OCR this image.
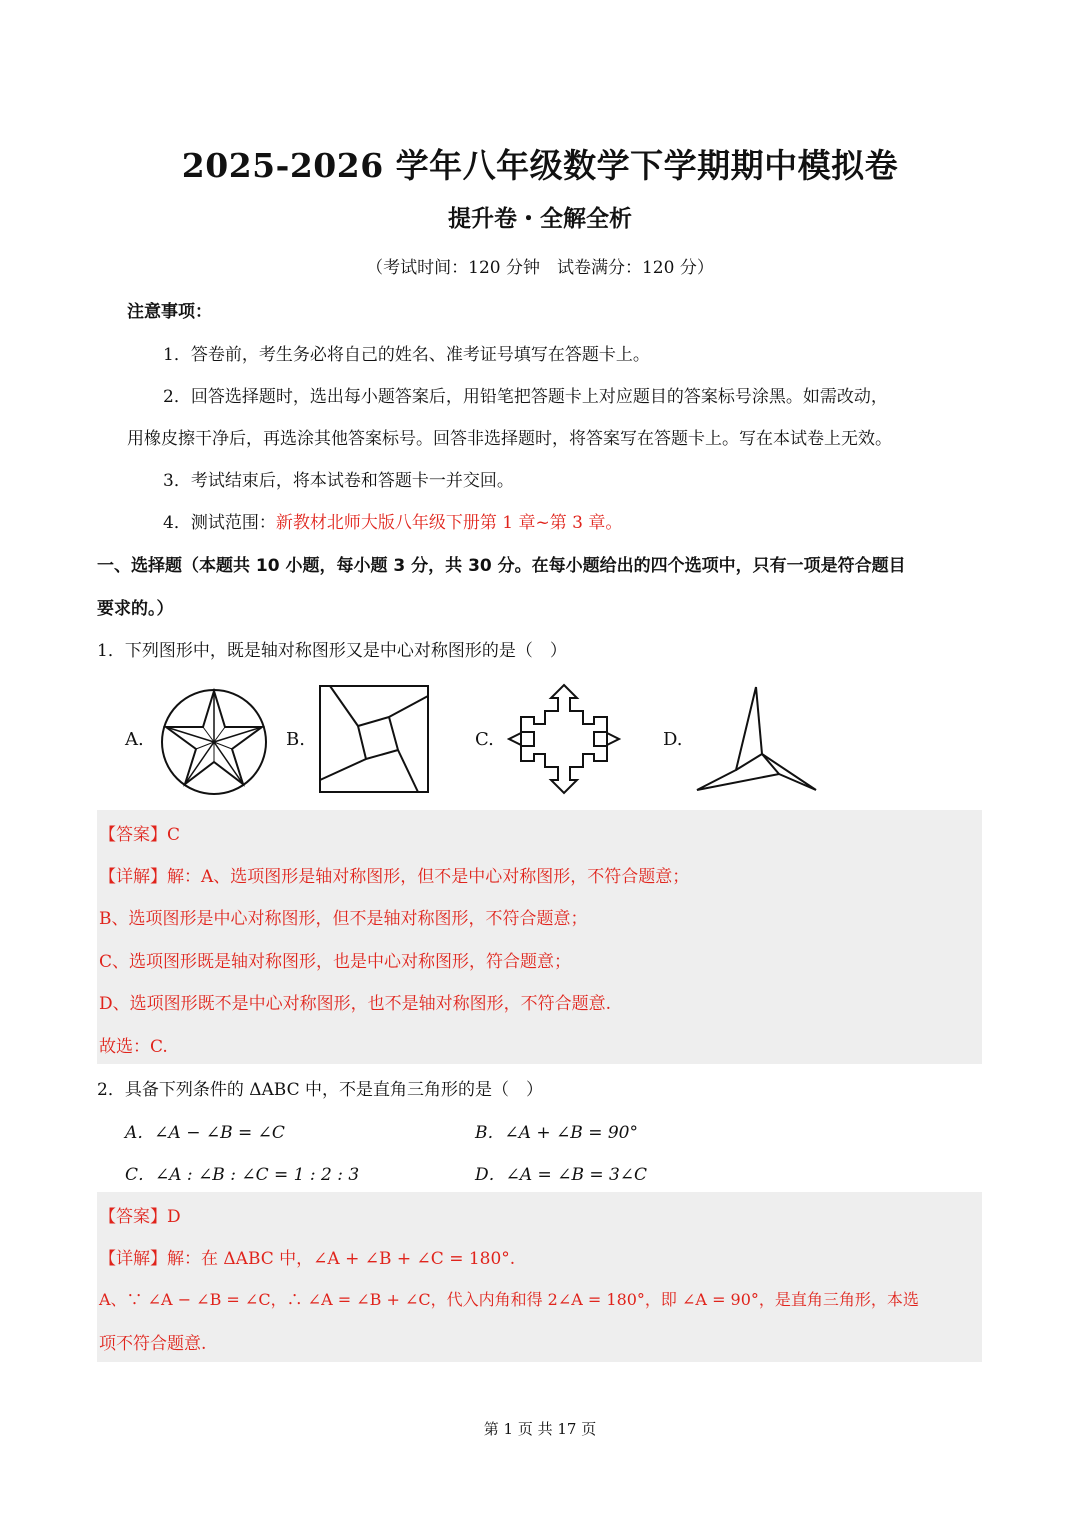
2025-2026 学年八年级数学下学期期中模拟卷
提升卷・全解全析
（考试时间：120 分钟　试卷满分：120 分）
注意事项：
1．答卷前，考生务必将自己的姓名、准考证号填写在答题卡上。
2．回答选择题时，选出每小题答案后，用铅笔把答题卡上对应题目的答案标号涂黑。如需改动，
用橡皮擦干净后，再选涂其他答案标号。回答非选择题时，将答案写在答题卡上。写在本试卷上无效。
3．考试结束后，将本试卷和答题卡一并交回。
4．测试范围：新教材北师大版八年级下册第 1 章~第 3 章。
一、选择题（本题共 10 小题，每小题 3 分，共 30 分。在每小题给出的四个选项中，只有一项是符合题目
要求的。）
1．下列图形中，既是轴对称图形又是中心对称图形的是（　）
A.	B.	C.	D.
【答案】C
【详解】解：A、选项图形是轴对称图形，但不是中心对称图形，不符合题意；
B、选项图形是中心对称图形，但不是轴对称图形，不符合题意；
C、选项图形既是轴对称图形，也是中心对称图形，符合题意；
D、选项图形既不是中心对称图形，也不是轴对称图形，不符合题意.
故选：C.
2．具备下列条件的 ΔABC 中，不是直角三角形的是（　）
A．∠A − ∠B = ∠C	B．∠A + ∠B = 90°
C．∠A : ∠B : ∠C = 1 : 2 : 3	D．∠A = ∠B = 3∠C
【答案】D
【详解】解：在 ΔABC 中，∠A + ∠B + ∠C = 180°.
A、∵ ∠A − ∠B = ∠C，∴ ∠A = ∠B + ∠C，代入内角和得 2∠A = 180°，即 ∠A = 90°，是直角三角形，本选
项不符合题意.
第 1 页 共 17 页
